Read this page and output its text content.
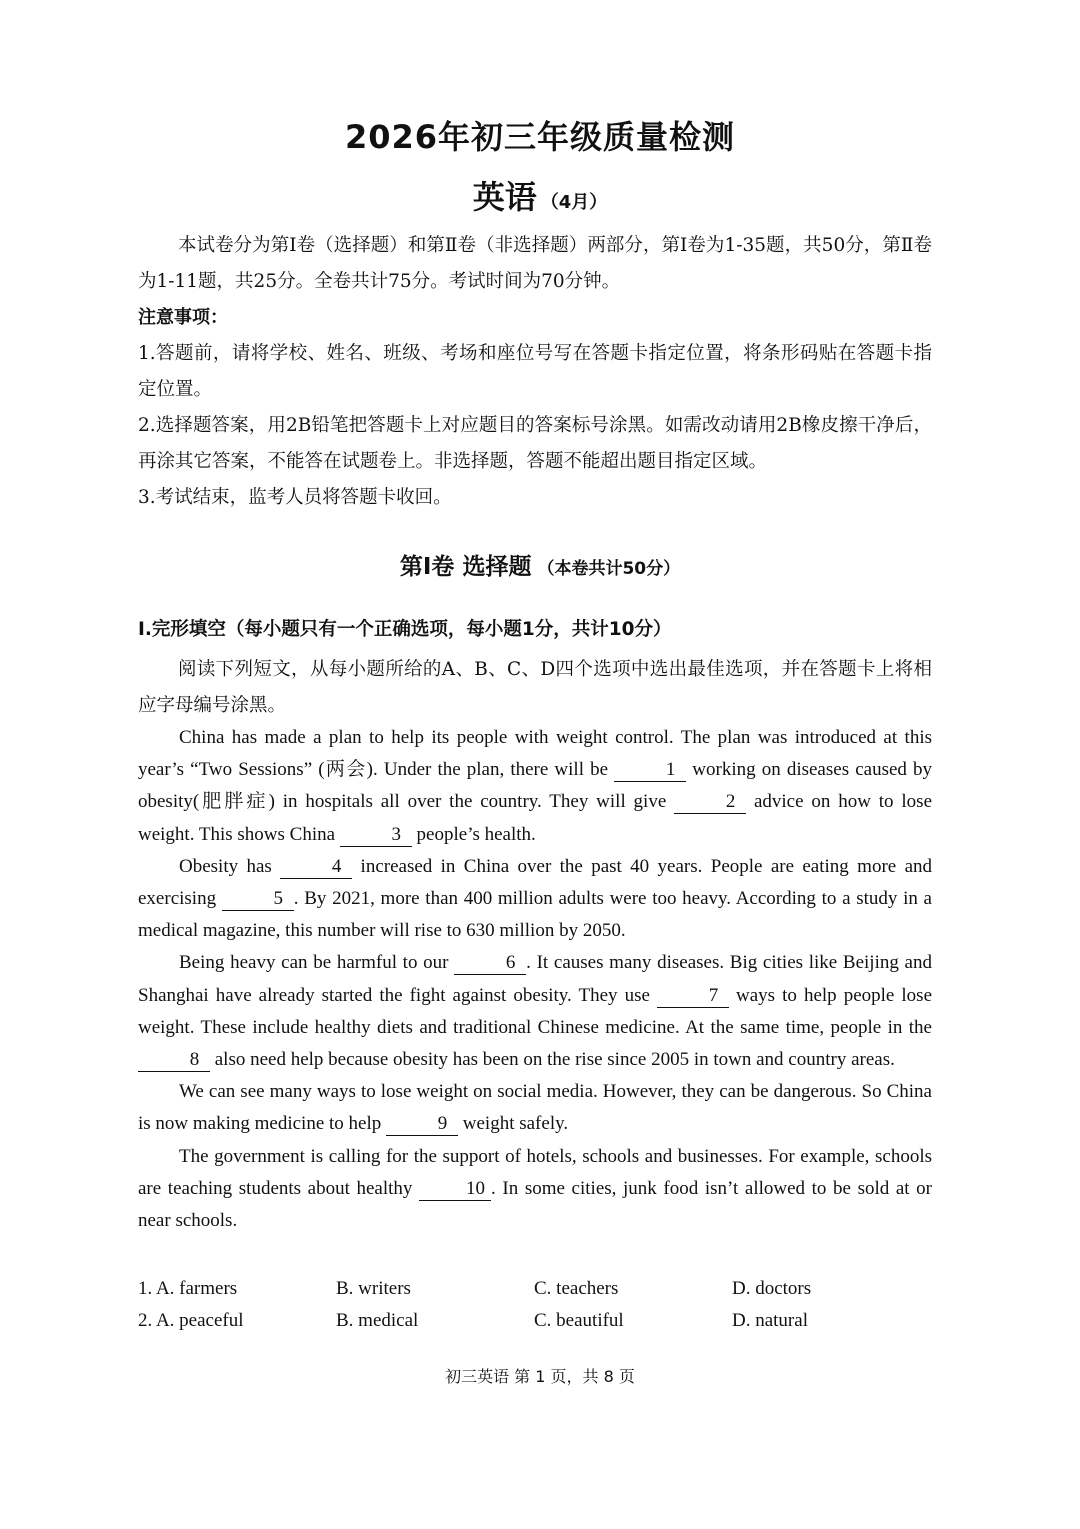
2026年初三年级质量检测
英语 （4月）
本试卷分为第Ⅰ卷（选择题）和第Ⅱ卷（非选择题）两部分，第Ⅰ卷为1-35题，共50分，第Ⅱ卷为1-11题，共25分。全卷共计75分。考试时间为70分钟。
注意事项：

1.答题前，请将学校、姓名、班级、考场和座位号写在答题卡指定位置，将条形码贴在答题卡指定位置。

2.选择题答案，用2B铅笔把答题卡上对应题目的答案标号涂黑。如需改动请用2B橡皮擦干净后，再涂其它答案，不能答在试题卷上。非选择题，答题不能超出题目指定区域。

3.考试结束，监考人员将答题卡收回。

第Ⅰ卷 选择题 （本卷共计50分）
I.完形填空（每小题只有一个正确选项，每小题1分，共计10分）
阅读下列短文，从每小题所给的A、B、C、D四个选项中选出最佳选项，并在答题卡上将相应字母编号涂黑。

China has made a plan to help its people with weight control. The plan was introduced at this year’s “Two Sessions” (两会). Under the plan, there will be	1 working on diseases caused by obesity(肥胖症) in hospitals all over the country. They will give	2 advice on how to lose weight. This shows China	3 people’s health.

Obesity has	4 increased in China over the past 40 years. People are eating more and exercising	5 . By 2021, more than 400 million adults were too heavy. According to a study in a medical magazine, this number will rise to 630 million by 2050.

Being heavy can be harmful to our	6 . It causes many diseases. Big cities like Beijing and Shanghai have already started the fight against obesity. They use	7 ways to help people lose weight. These include healthy diets and traditional Chinese medicine. At the same time, people in the 8 also need help because obesity has been on the rise since 2005 in town and country areas.

We can see many ways to lose weight on social media. However, they can be dangerous. So China is now making medicine to help	9 weight safely.

The government is calling for the support of hotels, schools and businesses. For example, schools are teaching students about healthy 10 . In some cities, junk food isn’t allowed to be sold at or near schools.

1. A. farmers	B. writers	C. teachers	D. doctors
2. A. peaceful	B. medical	C. beautiful	D. natural
初三英语 第 1 页，共 8 页
